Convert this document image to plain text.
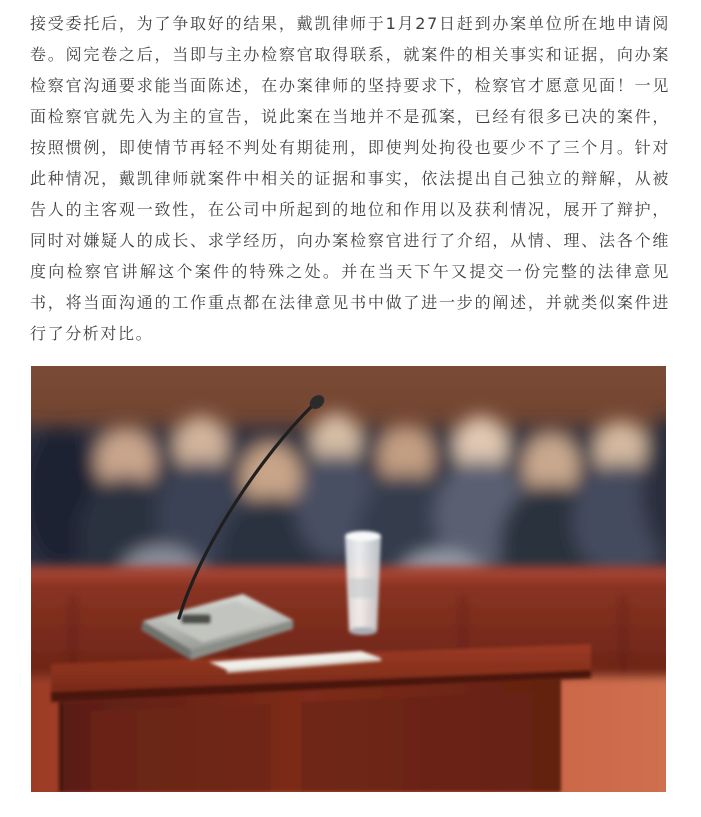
接受委托后，为了争取好的结果，戴凯律师于1月27日赶到办案单位所在地申请阅卷。阅完卷之后，当即与主办检察官取得联系，就案件的相关事实和证据，向办案检察官沟通要求能当面陈述，在办案律师的坚持要求下，检察官才愿意见面！一见面检察官就先入为主的宣告，说此案在当地并不是孤案，已经有很多已决的案件，按照惯例，即使情节再轻不判处有期徒刑，即使判处拘役也要少不了三个月。针对此种情况，戴凯律师就案件中相关的证据和事实，依法提出自己独立的辩解，从被告人的主客观一致性，在公司中所起到的地位和作用以及获利情况，展开了辩护，同时对嫌疑人的成长、求学经历，向办案检察官进行了介绍，从情、理、法各个维度向检察官讲解这个案件的特殊之处。并在当天下午又提交一份完整的法律意见书，将当面沟通的工作重点都在法律意见书中做了进一步的阐述，并就类似案件进行了分析对比。
